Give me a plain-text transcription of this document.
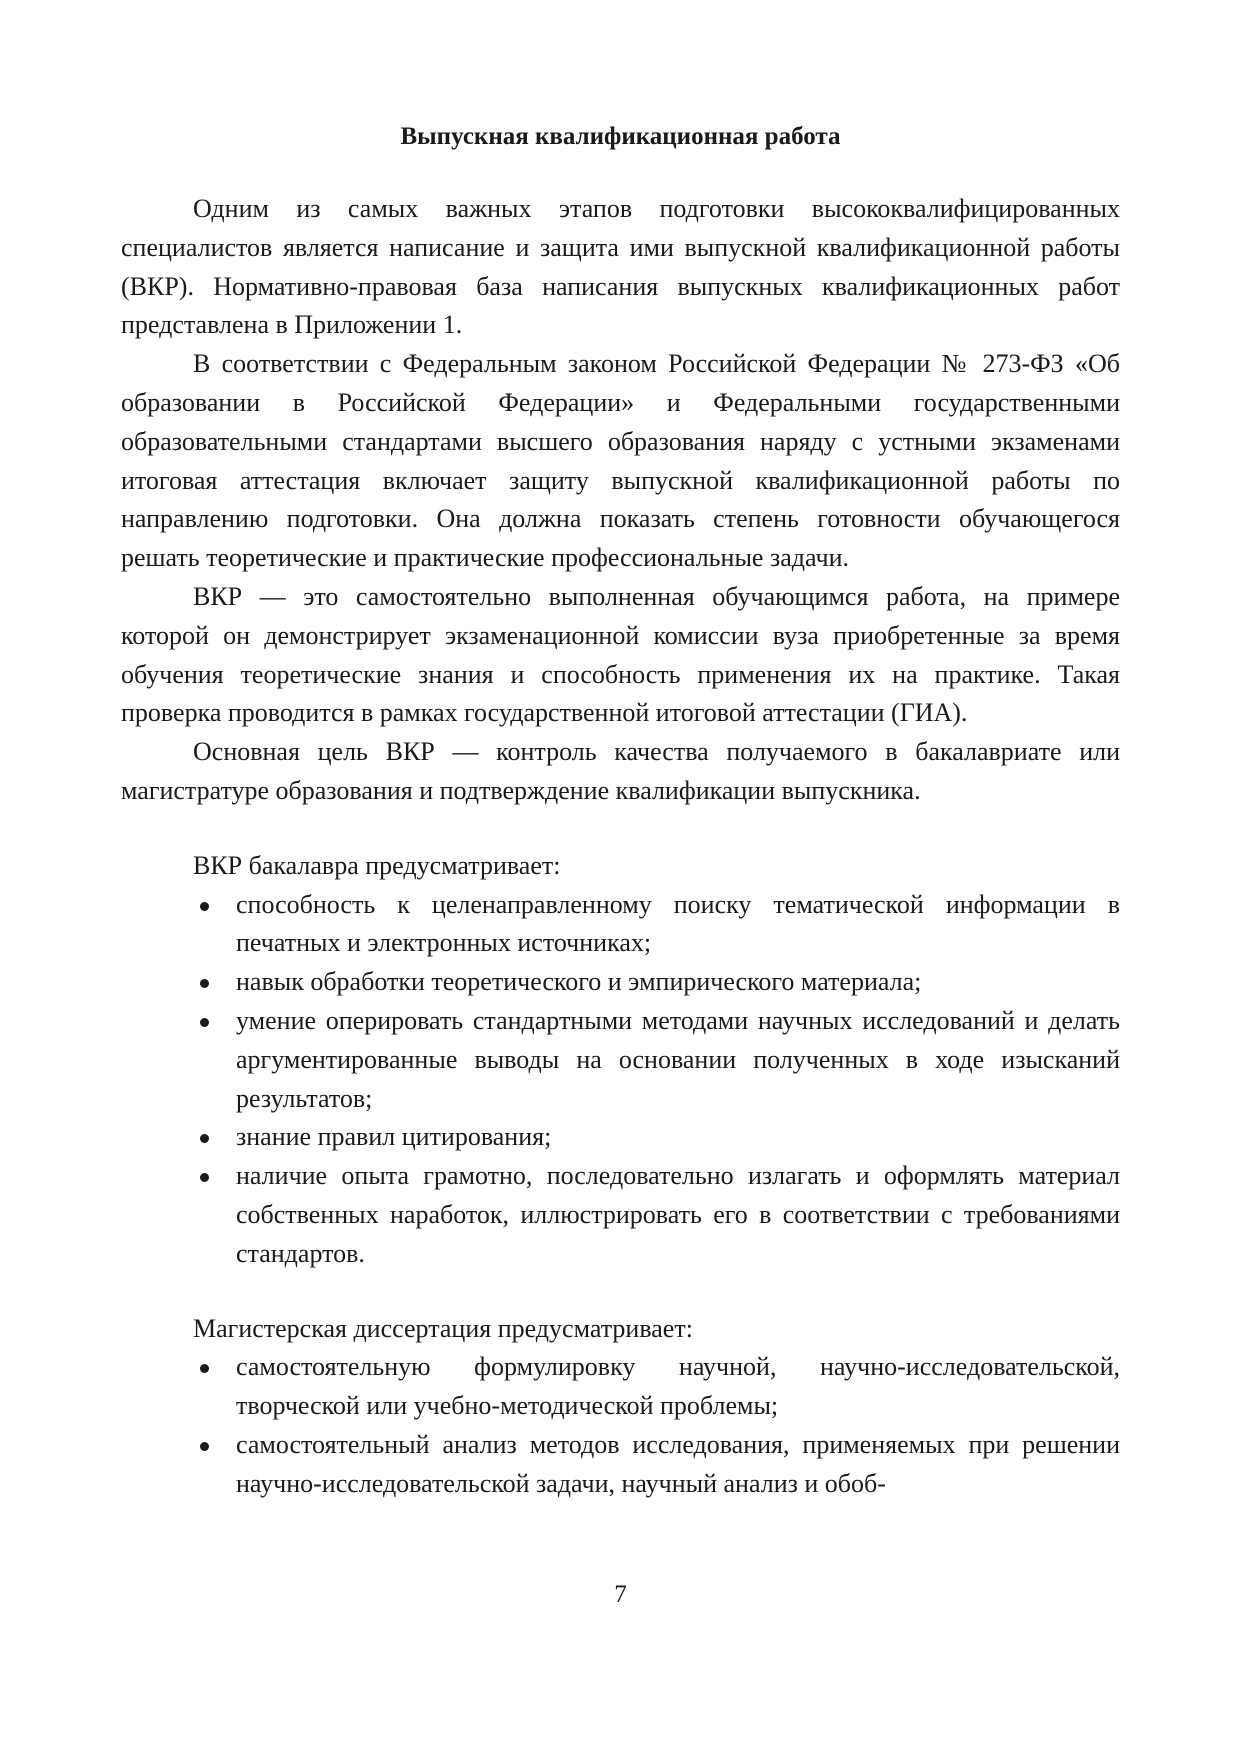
Выпускная квалификационная работа

Одним из самых важных этапов подготовки высококвалифицированных специалистов является написание и защита ими выпускной квалификационной работы (ВКР). Нормативно-правовая база написания выпускных квалификационных работ представлена в Приложении 1.

В соответствии с Федеральным законом Российской Федерации № 273-ФЗ «Об образовании в Российской Федерации» и Федеральными государственными образовательными стандартами высшего образования наряду с устными экзаменами итоговая аттестация включает защиту выпускной квалификационной работы по направлению подготовки. Она должна показать степень готовности обучающегося решать теоретические и практические профессиональные задачи.

ВКР — это самостоятельно выполненная обучающимся работа, на примере которой он демонстрирует экзаменационной комиссии вуза приобретенные за время обучения теоретические знания и способность применения их на практике. Такая проверка проводится в рамках государственной итоговой аттестации (ГИА).

Основная цель ВКР — контроль качества получаемого в бакалавриате или магистратуре образования и подтверждение квалификации выпускника.

ВКР бакалавра предусматривает:

способность к целенаправленному поиску тематической информации в печатных и электронных источниках;
навык обработки теоретического и эмпирического материала;
умение оперировать стандартными методами научных исследований и делать аргументированные выводы на основании полученных в ходе изысканий результатов;
знание правил цитирования;
наличие опыта грамотно, последовательно излагать и оформлять материал собственных наработок, иллюстрировать его в соответствии с требованиями стандартов.

Магистерская диссертация предусматривает:

самостоятельную формулировку научной, научно-исследовательской, творческой или учебно-методической проблемы;
самостоятельный анализ методов исследования, применяемых при решении научно-исследовательской задачи, научный анализ и обоб-
7
